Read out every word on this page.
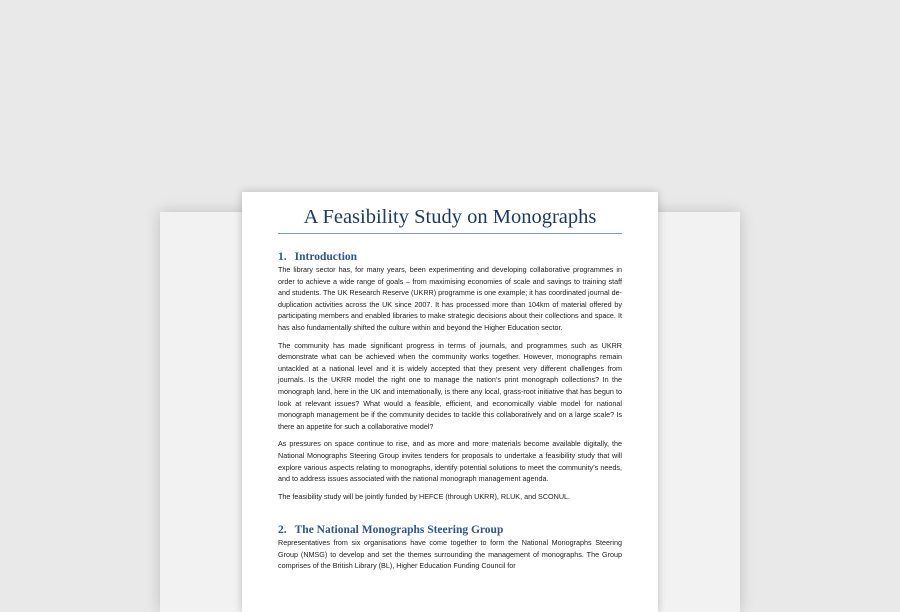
A Feasibility Study on Monographs
1. Introduction

The library sector has, for many years, been experimenting and developing collaborative programmes in order to achieve a wide range of goals – from maximising economies of scale and savings to training staff and students. The UK Research Reserve (UKRR) programme is one example; it has coordinated journal de-duplication activities across the UK since 2007. It has processed more than 104km of material offered by participating members and enabled libraries to make strategic decisions about their collections and space. It has also fundamentally shifted the culture within and beyond the Higher Education sector.

The community has made significant progress in terms of journals, and programmes such as UKRR demonstrate what can be achieved when the community works together. However, monographs remain untackled at a national level and it is widely accepted that they present very different challenges from journals. Is the UKRR model the right one to manage the nation’s print monograph collections? In the monograph land, here in the UK and internationally, is there any local, grass-root initiative that has begun to look at relevant issues? What would a feasible, efficient, and economically viable model for national monograph management be if the community decides to tackle this collaboratively and on a large scale? Is there an appetite for such a collaborative model?

As pressures on space continue to rise, and as more and more materials become available digitally, the National Monographs Steering Group invites tenders for proposals to undertake a feasibility study that will explore various aspects relating to monographs, identify potential solutions to meet the community’s needs, and to address issues associated with the national monograph management agenda.

The feasibility study will be jointly funded by HEFCE (through UKRR), RLUK, and SCONUL.

2. The National Monographs Steering Group

Representatives from six organisations have come together to form the National Monographs Steering Group (NMSG) to develop and set the themes surrounding the management of monographs. The Group comprises of the British Library (BL), Higher Education Funding Council for
